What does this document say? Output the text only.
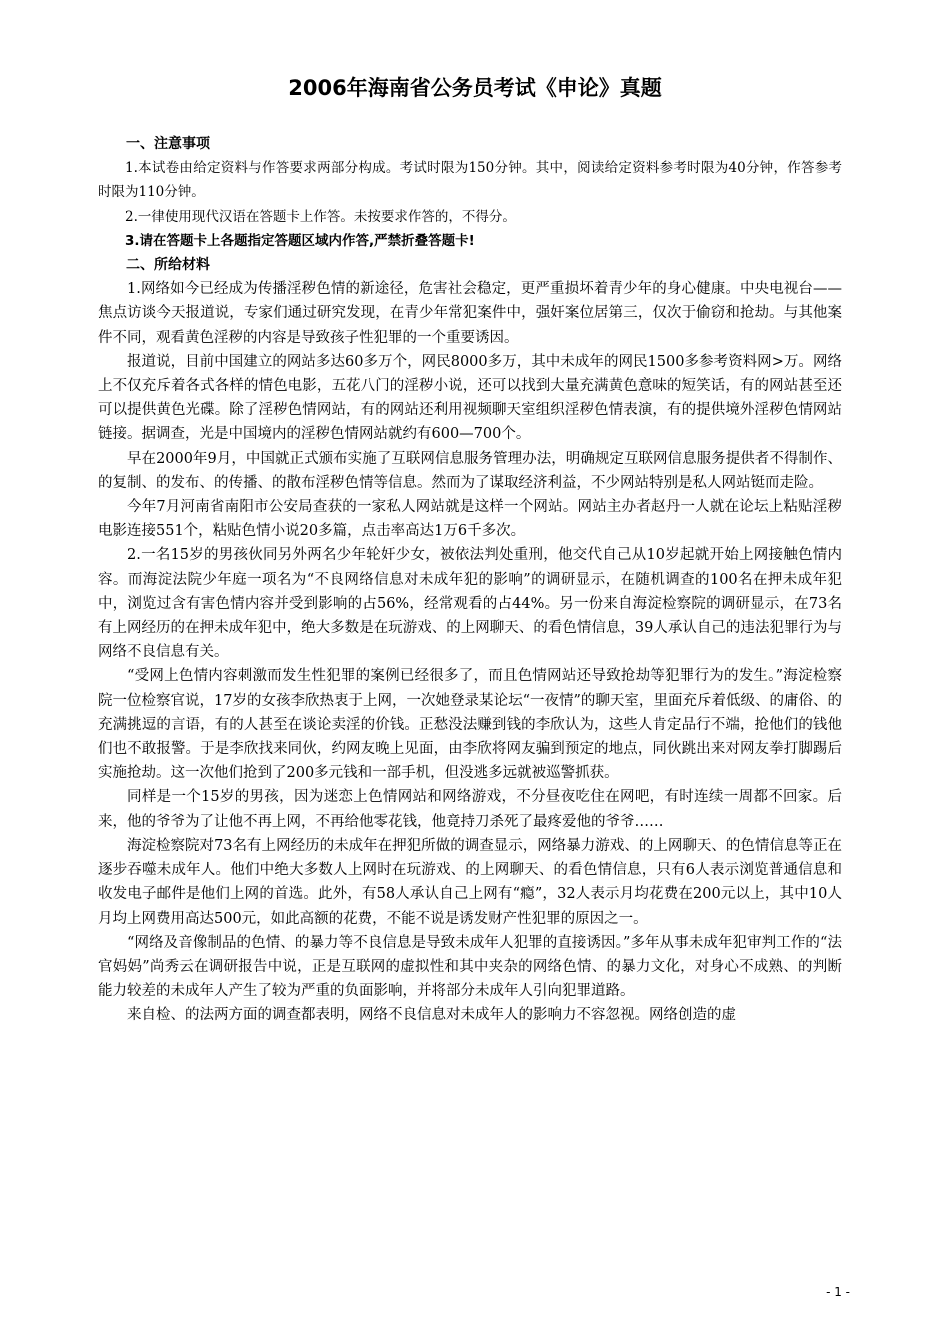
2006年海南省公务员考试《申论》真题

一、注意事项

1.本试卷由给定资料与作答要求两部分构成。考试时限为150分钟。其中，阅读给定资料参考时限为40分钟，作答参考时限为110分钟。

2.一律使用现代汉语在答题卡上作答。未按要求作答的，不得分。

3.请在答题卡上各题指定答题区域内作答,严禁折叠答题卡!

二、所给材料

1.网络如今已经成为传播淫秽色情的新途径，危害社会稳定，更严重损坏着青少年的身心健康。中央电视台——焦点访谈今天报道说，专家们通过研究发现，在青少年常犯案件中，强奸案位居第三，仅次于偷窃和抢劫。与其他案件不同，观看黄色淫秽的内容是导致孩子性犯罪的一个重要诱因。

报道说，目前中国建立的网站多达60多万个，网民8000多万，其中未成年的网民1500多参考资料网>万。网络上不仅充斥着各式各样的情色电影，五花八门的淫秽小说，还可以找到大量充满黄色意味的短笑话，有的网站甚至还可以提供黄色光碟。除了淫秽色情网站，有的网站还利用视频聊天室组织淫秽色情表演，有的提供境外淫秽色情网站链接。据调查，光是中国境内的淫秽色情网站就约有600—700个。

早在2000年9月，中国就正式颁布实施了互联网信息服务管理办法，明确规定互联网信息服务提供者不得制作、的复制、的发布、的传播、的散布淫秽色情等信息。然而为了谋取经济利益，不少网站特别是私人网站铤而走险。

今年7月河南省南阳市公安局查获的一家私人网站就是这样一个网站。网站主办者赵丹一人就在论坛上粘贴淫秽电影连接551个，粘贴色情小说20多篇，点击率高达1万6千多次。

2.一名15岁的男孩伙同另外两名少年轮奸少女，被依法判处重刑，他交代自己从10岁起就开始上网接触色情内容。而海淀法院少年庭一项名为“不良网络信息对未成年犯的影响”的调研显示，在随机调查的100名在押未成年犯中，浏览过含有害色情内容并受到影响的占56%，经常观看的占44%。另一份来自海淀检察院的调研显示，在73名有上网经历的在押未成年犯中，绝大多数是在玩游戏、的上网聊天、的看色情信息，39人承认自己的违法犯罪行为与网络不良信息有关。

“受网上色情内容刺激而发生性犯罪的案例已经很多了，而且色情网站还导致抢劫等犯罪行为的发生。”海淀检察院一位检察官说，17岁的女孩李欣热衷于上网，一次她登录某论坛“一夜情”的聊天室，里面充斥着低级、的庸俗、的充满挑逗的言语，有的人甚至在谈论卖淫的价钱。正愁没法赚到钱的李欣认为，这些人肯定品行不端，抢他们的钱他们也不敢报警。于是李欣找来同伙，约网友晚上见面，由李欣将网友骗到预定的地点，同伙跳出来对网友拳打脚踢后实施抢劫。这一次他们抢到了200多元钱和一部手机，但没逃多远就被巡警抓获。

同样是一个15岁的男孩，因为迷恋上色情网站和网络游戏，不分昼夜吃住在网吧，有时连续一周都不回家。后来，他的爷爷为了让他不再上网，不再给他零花钱，他竟持刀杀死了最疼爱他的爷爷……

海淀检察院对73名有上网经历的未成年在押犯所做的调查显示，网络暴力游戏、的上网聊天、的色情信息等正在逐步吞噬未成年人。他们中绝大多数人上网时在玩游戏、的上网聊天、的看色情信息，只有6人表示浏览普通信息和收发电子邮件是他们上网的首选。此外，有58人承认自己上网有“瘾”，32人表示月均花费在200元以上，其中10人月均上网费用高达500元，如此高额的花费，不能不说是诱发财产性犯罪的原因之一。

“网络及音像制品的色情、的暴力等不良信息是导致未成年人犯罪的直接诱因。”多年从事未成年犯审判工作的“法官妈妈”尚秀云在调研报告中说，正是互联网的虚拟性和其中夹杂的网络色情、的暴力文化，对身心不成熟、的判断能力较差的未成年人产生了较为严重的负面影响，并将部分未成年人引向犯罪道路。

来自检、的法两方面的调查都表明，网络不良信息对未成年人的影响力不容忽视。网络创造的虚

- 1 -
